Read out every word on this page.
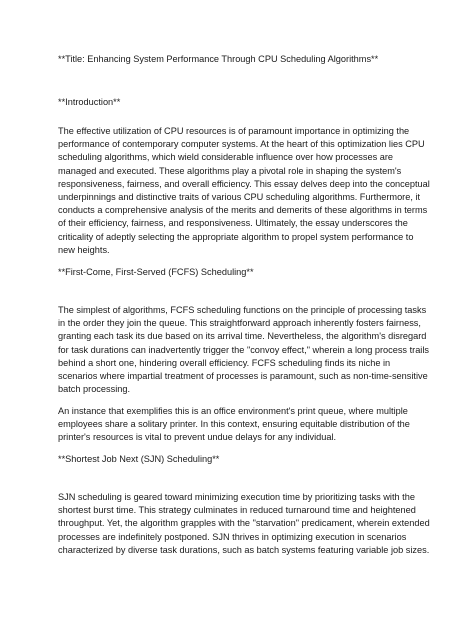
**Title: Enhancing System Performance Through CPU Scheduling Algorithms**

**Introduction**

The effective utilization of CPU resources is of paramount importance in optimizing the performance of contemporary computer systems. At the heart of this optimization lies CPU scheduling algorithms, which wield considerable influence over how processes are managed and executed. These algorithms play a pivotal role in shaping the system's responsiveness, fairness, and overall efficiency. This essay delves deep into the conceptual underpinnings and distinctive traits of various CPU scheduling algorithms. Furthermore, it conducts a comprehensive analysis of the merits and demerits of these algorithms in terms of their efficiency, fairness, and responsiveness. Ultimately, the essay underscores the criticality of adeptly selecting the appropriate algorithm to propel system performance to new heights.

**First-Come, First-Served (FCFS) Scheduling**

The simplest of algorithms, FCFS scheduling functions on the principle of processing tasks in the order they join the queue. This straightforward approach inherently fosters fairness, granting each task its due based on its arrival time. Nevertheless, the algorithm's disregard for task durations can inadvertently trigger the "convoy effect," wherein a long process trails behind a short one, hindering overall efficiency. FCFS scheduling finds its niche in scenarios where impartial treatment of processes is paramount, such as non-time-sensitive batch processing.

An instance that exemplifies this is an office environment's print queue, where multiple employees share a solitary printer. In this context, ensuring equitable distribution of the printer's resources is vital to prevent undue delays for any individual.

**Shortest Job Next (SJN) Scheduling**

SJN scheduling is geared toward minimizing execution time by prioritizing tasks with the shortest burst time. This strategy culminates in reduced turnaround time and heightened throughput. Yet, the algorithm grapples with the "starvation" predicament, wherein extended processes are indefinitely postponed. SJN thrives in optimizing execution in scenarios characterized by diverse task durations, such as batch systems featuring variable job sizes.
